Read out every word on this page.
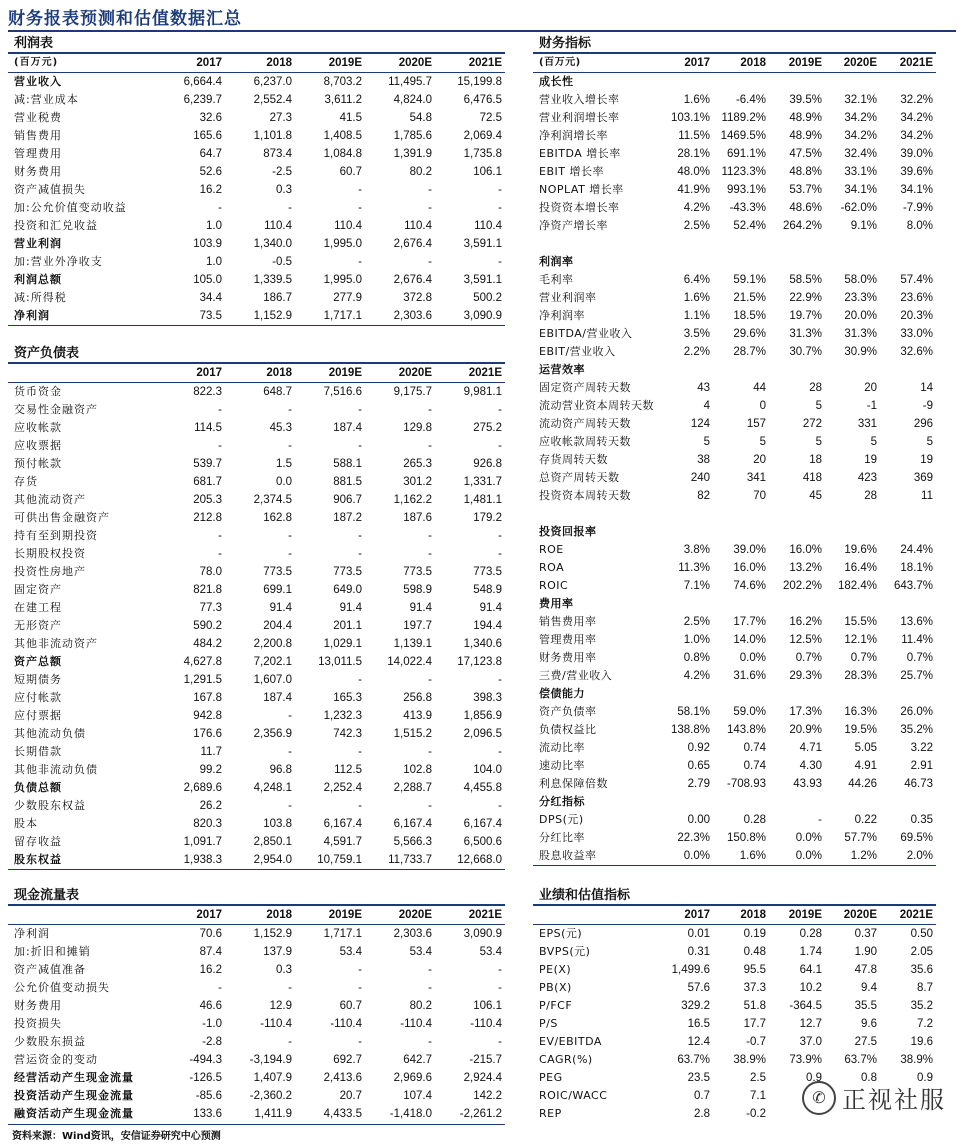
财务报表预测和估值数据汇总
利润表
(百万元)	2017	2018	2019E	2020E	2021E
营业收入	6,664.4	6,237.0	8,703.2	11,495.7	15,199.8
减:营业成本	6,239.7	2,552.4	3,611.2	4,824.0	6,476.5
营业税费	32.6	27.3	41.5	54.8	72.5
销售费用	165.6	1,101.8	1,408.5	1,785.6	2,069.4
管理费用	64.7	873.4	1,084.8	1,391.9	1,735.8
财务费用	52.6	-2.5	60.7	80.2	106.1
资产减值损失	16.2	0.3	-	-	-
加:公允价值变动收益	-	-	-	-	-
投资和汇兑收益	1.0	110.4	110.4	110.4	110.4
营业利润	103.9	1,340.0	1,995.0	2,676.4	3,591.1
加:营业外净收支	1.0	-0.5	-	-	-
利润总额	105.0	1,339.5	1,995.0	2,676.4	3,591.1
减:所得税	34.4	186.7	277.9	372.8	500.2
净利润	73.5	1,152.9	1,717.1	2,303.6	3,090.9
资产负债表
	2017	2018	2019E	2020E	2021E
货币资金	822.3	648.7	7,516.6	9,175.7	9,981.1
交易性金融资产	-	-	-	-	-
应收帐款	114.5	45.3	187.4	129.8	275.2
应收票据	-	-	-	-	-
预付帐款	539.7	1.5	588.1	265.3	926.8
存货	681.7	0.0	881.5	301.2	1,331.7
其他流动资产	205.3	2,374.5	906.7	1,162.2	1,481.1
可供出售金融资产	212.8	162.8	187.2	187.6	179.2
持有至到期投资	-	-	-	-	-
长期股权投资	-	-	-	-	-
投资性房地产	78.0	773.5	773.5	773.5	773.5
固定资产	821.8	699.1	649.0	598.9	548.9
在建工程	77.3	91.4	91.4	91.4	91.4
无形资产	590.2	204.4	201.1	197.7	194.4
其他非流动资产	484.2	2,200.8	1,029.1	1,139.1	1,340.6
资产总额	4,627.8	7,202.1	13,011.5	14,022.4	17,123.8
短期债务	1,291.5	1,607.0	-	-	-
应付帐款	167.8	187.4	165.3	256.8	398.3
应付票据	942.8	-	1,232.3	413.9	1,856.9
其他流动负债	176.6	2,356.9	742.3	1,515.2	2,096.5
长期借款	11.7	-	-	-	-
其他非流动负债	99.2	96.8	112.5	102.8	104.0
负债总额	2,689.6	4,248.1	2,252.4	2,288.7	4,455.8
少数股东权益	26.2	-	-	-	-
股本	820.3	103.8	6,167.4	6,167.4	6,167.4
留存收益	1,091.7	2,850.1	4,591.7	5,566.3	6,500.6
股东权益	1,938.3	2,954.0	10,759.1	11,733.7	12,668.0
现金流量表
	2017	2018	2019E	2020E	2021E
净利润	70.6	1,152.9	1,717.1	2,303.6	3,090.9
加:折旧和摊销	87.4	137.9	53.4	53.4	53.4
资产减值准备	16.2	0.3	-	-	-
公允价值变动损失	-	-	-	-	-
财务费用	46.6	12.9	60.7	80.2	106.1
投资损失	-1.0	-110.4	-110.4	-110.4	-110.4
少数股东损益	-2.8	-	-	-	-
营运资金的变动	-494.3	-3,194.9	692.7	642.7	-215.7
经营活动产生现金流量	-126.5	1,407.9	2,413.6	2,969.6	2,924.4
投资活动产生现金流量	-85.6	-2,360.2	20.7	107.4	142.2
融资活动产生现金流量	133.6	1,411.9	4,433.5	-1,418.0	-2,261.2
财务指标
(百万元)	2017	2018	2019E	2020E	2021E
成长性					
营业收入增长率	1.6%	-6.4%	39.5%	32.1%	32.2%
营业利润增长率	103.1%	1189.2%	48.9%	34.2%	34.2%
净利润增长率	11.5%	1469.5%	48.9%	34.2%	34.2%
EBITDA 增长率	28.1%	691.1%	47.5%	32.4%	39.0%
EBIT 增长率	48.0%	1123.3%	48.8%	33.1%	39.6%
NOPLAT 增长率	41.9%	993.1%	53.7%	34.1%	34.1%
投资资本增长率	4.2%	-43.3%	48.6%	-62.0%	-7.9%
净资产增长率	2.5%	52.4%	264.2%	9.1%	8.0%

利润率					
毛利率	6.4%	59.1%	58.5%	58.0%	57.4%
营业利润率	1.6%	21.5%	22.9%	23.3%	23.6%
净利润率	1.1%	18.5%	19.7%	20.0%	20.3%
EBITDA/营业收入	3.5%	29.6%	31.3%	31.3%	33.0%
EBIT/营业收入	2.2%	28.7%	30.7%	30.9%	32.6%
运营效率					
固定资产周转天数	43	44	28	20	14
流动营业资本周转天数	4	0	5	-1	-9
流动资产周转天数	124	157	272	331	296
应收帐款周转天数	5	5	5	5	5
存货周转天数	38	20	18	19	19
总资产周转天数	240	341	418	423	369
投资资本周转天数	82	70	45	28	11

投资回报率					
ROE	3.8%	39.0%	16.0%	19.6%	24.4%
ROA	11.3%	16.0%	13.2%	16.4%	18.1%
ROIC	7.1%	74.6%	202.2%	182.4%	643.7%
费用率					
销售费用率	2.5%	17.7%	16.2%	15.5%	13.6%
管理费用率	1.0%	14.0%	12.5%	12.1%	11.4%
财务费用率	0.8%	0.0%	0.7%	0.7%	0.7%
三费/营业收入	4.2%	31.6%	29.3%	28.3%	25.7%
偿债能力					
资产负债率	58.1%	59.0%	17.3%	16.3%	26.0%
负债权益比	138.8%	143.8%	20.9%	19.5%	35.2%
流动比率	0.92	0.74	4.71	5.05	3.22
速动比率	0.65	0.74	4.30	4.91	2.91
利息保障倍数	2.79	-708.93	43.93	44.26	46.73
分红指标					
DPS(元)	0.00	0.28	-	0.22	0.35
分红比率	22.3%	150.8%	0.0%	57.7%	69.5%
股息收益率	0.0%	1.6%	0.0%	1.2%	2.0%
业绩和估值指标
	2017	2018	2019E	2020E	2021E
EPS(元)	0.01	0.19	0.28	0.37	0.50
BVPS(元)	0.31	0.48	1.74	1.90	2.05
PE(X)	1,499.6	95.5	64.1	47.8	35.6
PB(X)	57.6	37.3	10.2	9.4	8.7
P/FCF	329.2	51.8	-364.5	35.5	35.2
P/S	16.5	17.7	12.7	9.6	7.2
EV/EBITDA	12.4	-0.7	37.0	27.5	19.6
CAGR(%)	63.7%	38.9%	73.9%	63.7%	38.9%
PEG	23.5	2.5	0.9	0.8	0.9
ROIC/WACC	0.7	7.1			
REP	2.8	-0.2			
资料来源：Wind资讯，安信证券研究中心预测
✆ 正视社服
